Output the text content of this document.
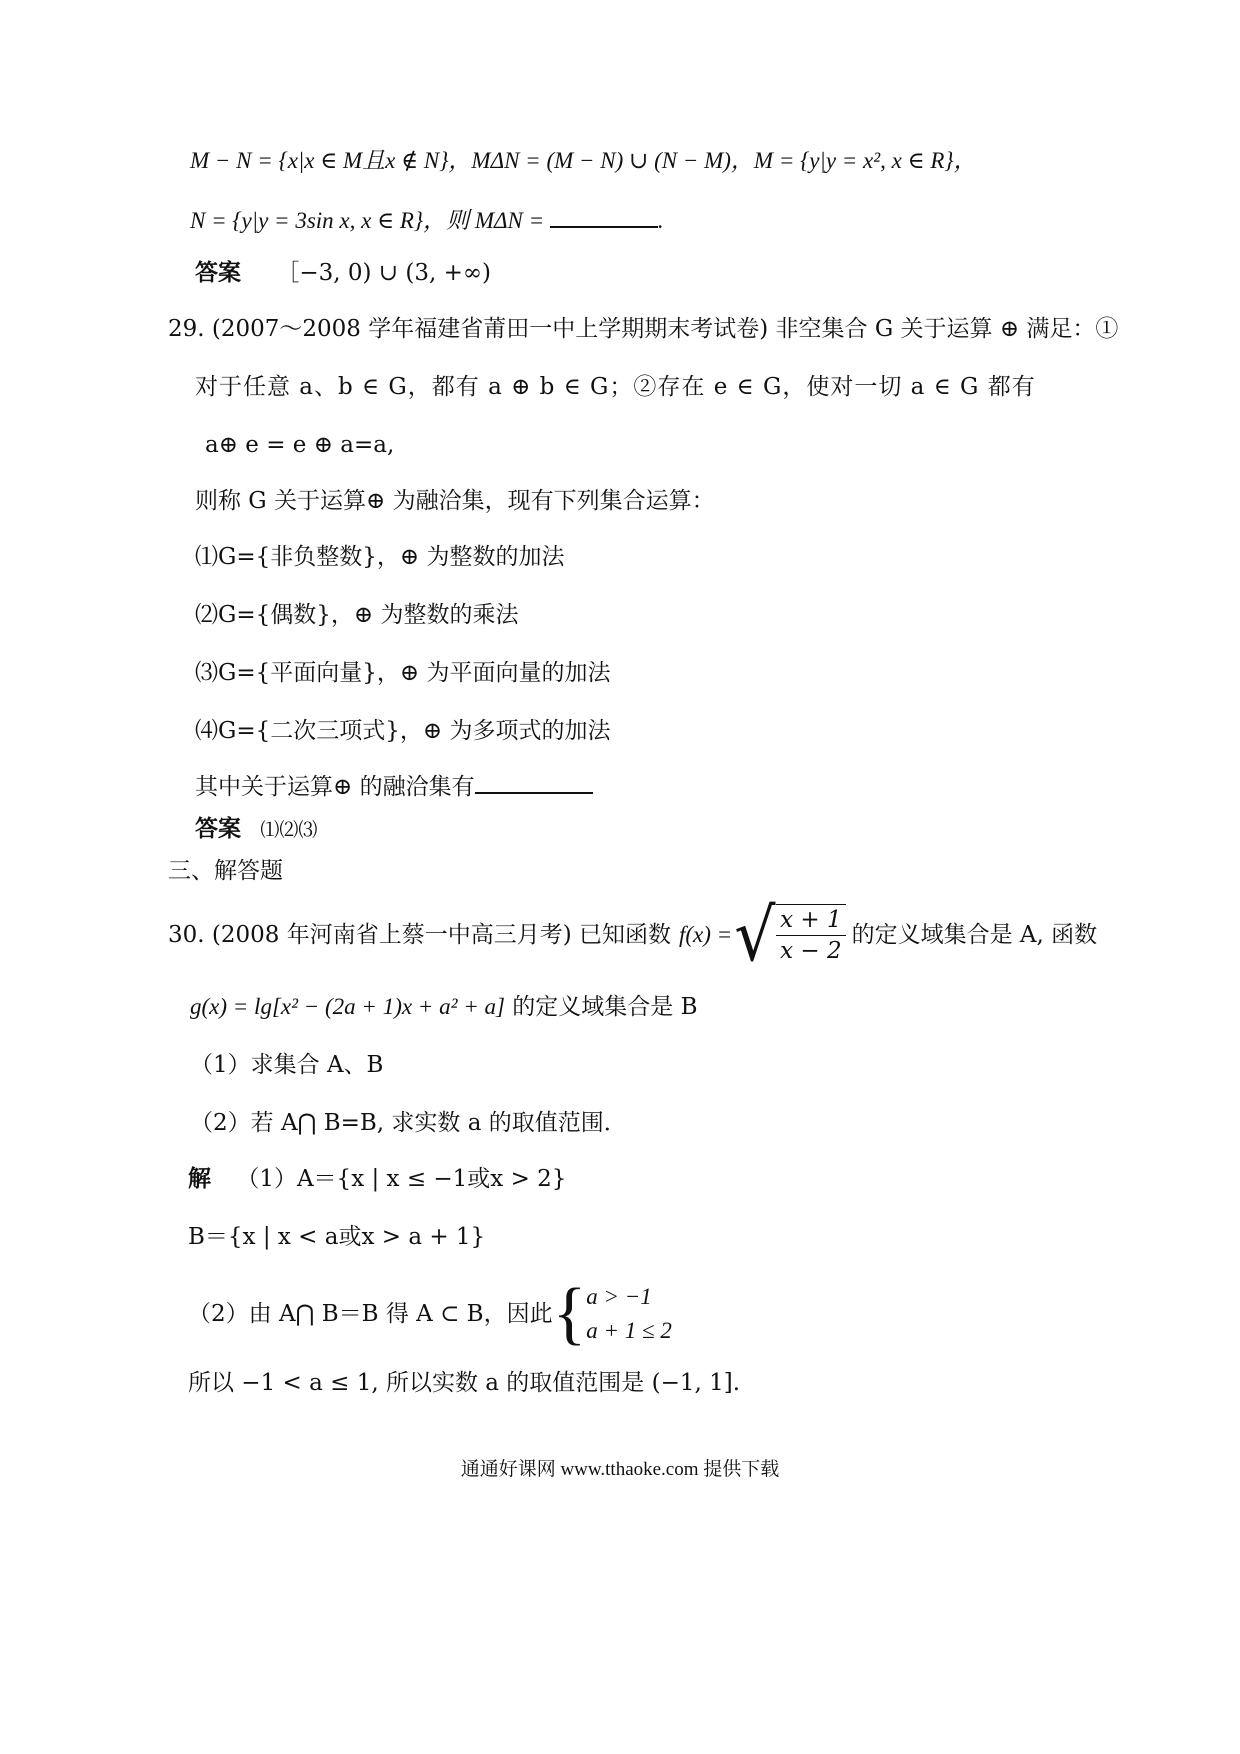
M − N = {x|x ∈ M且x ∉ N}，MΔN = (M − N) ∪ (N − M)，M = {y|y = x², x ∈ R}，
N = {y|y = 3sin x, x ∈ R}，则 MΔN =	.
答案 ［−3, 0) ∪ (3, +∞)
29. (2007～2008 学年福建省莆田一中上学期期末考试卷) 非空集合 G 关于运算 ⊕ 满足：①
对于任意 a、b ∈ G，都有 a ⊕ b ∈ G；②存在 e ∈ G，使对一切 a ∈ G 都有
a⊕ e = e ⊕ a=a,
则称 G 关于运算⊕ 为融洽集，现有下列集合运算：
⑴G={非负整数}，⊕ 为整数的加法
⑵G={偶数}，⊕ 为整数的乘法
⑶G={平面向量}，⊕ 为平面向量的加法
⑷G={二次三项式}，⊕ 为多项式的加法
其中关于运算⊕ 的融洽集有
答案 ⑴⑵⑶
三、解答题
30. (2008 年河南省上蔡一中高三月考) 已知函数 f(x) = √ $\frac{x + 1}{x - 2}$ 的定义域集合是 A, 函数
g(x) = lg[x² − (2a + 1)x + a² + a] 的定义域集合是 B
（1）求集合 A、B
（2）若 A⋂ B=B, 求实数 a 的取值范围．
解 （1）A＝{x | x ≤ −1或x > 2}
B＝{x | x < a或x > a + 1}
（2）由 A⋂ B＝B 得 A ⊂ B，因此 { a > −1
a + 1 ≤ 2
所以 −1 < a ≤ 1, 所以实数 a 的取值范围是 (−1, 1].
通通好课网 www.tthaoke.com 提供下载
